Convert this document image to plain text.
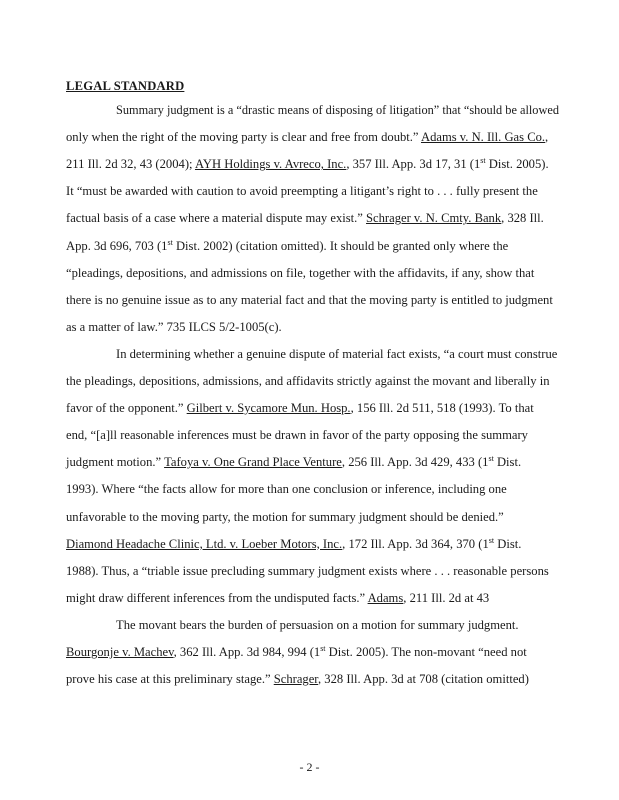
LEGAL STANDARD
Summary judgment is a “drastic means of disposing of litigation” that “should be allowed
only when the right of the moving party is clear and free from doubt.” Adams v. N. Ill. Gas Co.,
211 Ill. 2d 32, 43 (2004); AYH Holdings v. Avreco, Inc., 357 Ill. App. 3d 17, 31 (1st Dist. 2005).
It “must be awarded with caution to avoid preempting a litigant’s right to . . . fully present the
factual basis of a case where a material dispute may exist.” Schrager v. N. Cmty. Bank, 328 Ill.
App. 3d 696, 703 (1st Dist. 2002) (citation omitted). It should be granted only where the
“pleadings, depositions, and admissions on file, together with the affidavits, if any, show that
there is no genuine issue as to any material fact and that the moving party is entitled to judgment
as a matter of law.” 735 ILCS 5/2-1005(c).
In determining whether a genuine dispute of material fact exists, “a court must construe
the pleadings, depositions, admissions, and affidavits strictly against the movant and liberally in
favor of the opponent.” Gilbert v. Sycamore Mun. Hosp., 156 Ill. 2d 511, 518 (1993). To that
end, “[a]ll reasonable inferences must be drawn in favor of the party opposing the summary
judgment motion.” Tafoya v. One Grand Place Venture, 256 Ill. App. 3d 429, 433 (1st Dist.
1993). Where “the facts allow for more than one conclusion or inference, including one
unfavorable to the moving party, the motion for summary judgment should be denied.”
Diamond Headache Clinic, Ltd. v. Loeber Motors, Inc., 172 Ill. App. 3d 364, 370 (1st Dist.
1988). Thus, a “triable issue precluding summary judgment exists where . . . reasonable persons
might draw different inferences from the undisputed facts.” Adams, 211 Ill. 2d at 43
The movant bears the burden of persuasion on a motion for summary judgment.
Bourgonje v. Machev, 362 Ill. App. 3d 984, 994 (1st Dist. 2005). The non-movant “need not
prove his case at this preliminary stage.” Schrager, 328 Ill. App. 3d at 708 (citation omitted)
- 2 -
